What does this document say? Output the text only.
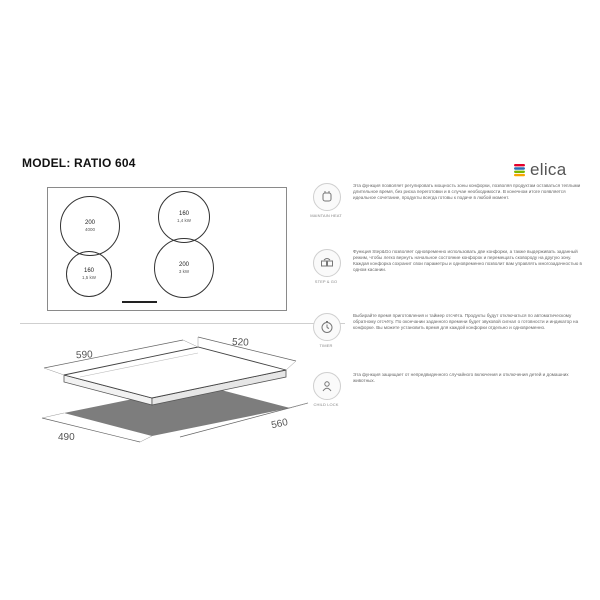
MODEL: RATIO 604	elica
200
4000
160
1,4 kW
160
1,5 kW
200
3 kW
590
520
490
560
MAINTAIN HEAT
Эта функция позволяет регулировать мощность зоны конфорки, позволяя продуктам оставаться теплыми длительное время, без риска переготовки и в случае необходимости. В конечном итоге появляется идеальное сочетание, продукты всегда готовы к подаче в любой момент.
STEP & GO
Функция Step&Go позволяет одновременно использовать две конфорки, а также выдерживать заданный режим, чтобы легко вернуть начальное состояние конфорок и перемещать сковороду на другую зону. Каждая конфорка сохранит свои параметры и одновременно позволит вам управлять многозадачностью в одном касании.
TIMER
Выбирайте время приготовления и таймер отсчёта. Продукты будут отключаться по автоматическому обратному отсчёту. По окончании заданного времени будет звуковой сигнал о готовности и индикатор на конфорке. Вы можете установить время для каждой конфорки отдельно и одновременно.
CHILD LOCK
Эта функция защищает от непредвиденного случайного включения и отключения детей и домашних животных.
